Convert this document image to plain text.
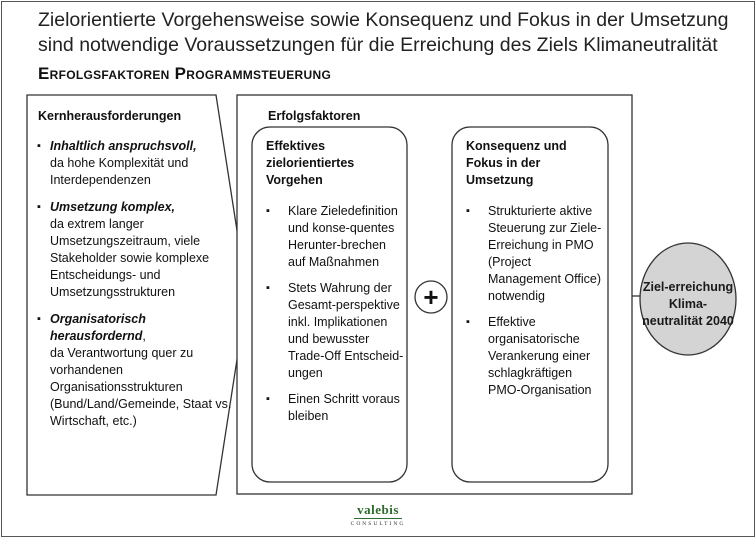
Zielorientierte Vorgehensweise sowie Konsequenz und Fokus in der Umsetzung
sind notwendige Voraussetzungen für die Erreichung des Ziels Klimaneutralität
Erfolgsfaktoren Programmsteuerung
Kernherausforderungen
▪ Inhaltlich anspruchsvoll,
da hohe Komplexität und Interdependenzen
▪ Umsetzung komplex,
da extrem langer Umsetzungszeitraum, viele Stakeholder sowie komplexe Entscheidungs- und Umsetzungsstrukturen
▪ Organisatorisch herausfordernd,
da Verantwortung quer zu vorhandenen Organisationsstrukturen (Bund/Land/Gemeinde, Staat vs. Wirtschaft, etc.)
Erfolgsfaktoren
Effektives zielorientiertes Vorgehen
▪ Klare Zieledefinition und konse-quentes Herunter-brechen auf Maßnahmen
▪ Stets Wahrung der Gesamt-perspektive inkl. Implikationen und bewusster Trade-Off Entscheid-ungen
▪ Einen Schritt voraus bleiben
+
Konsequenz und Fokus in der Umsetzung
▪ Strukturierte aktive Steuerung zur Ziele-Erreichung in PMO (Project Management Office) notwendig
▪ Effektive organisatorische Verankerung einer schlagkräftigen PMO-Organisation
Ziel-erreichung Klima-neutralität 2040
valebis
CONSULTING
